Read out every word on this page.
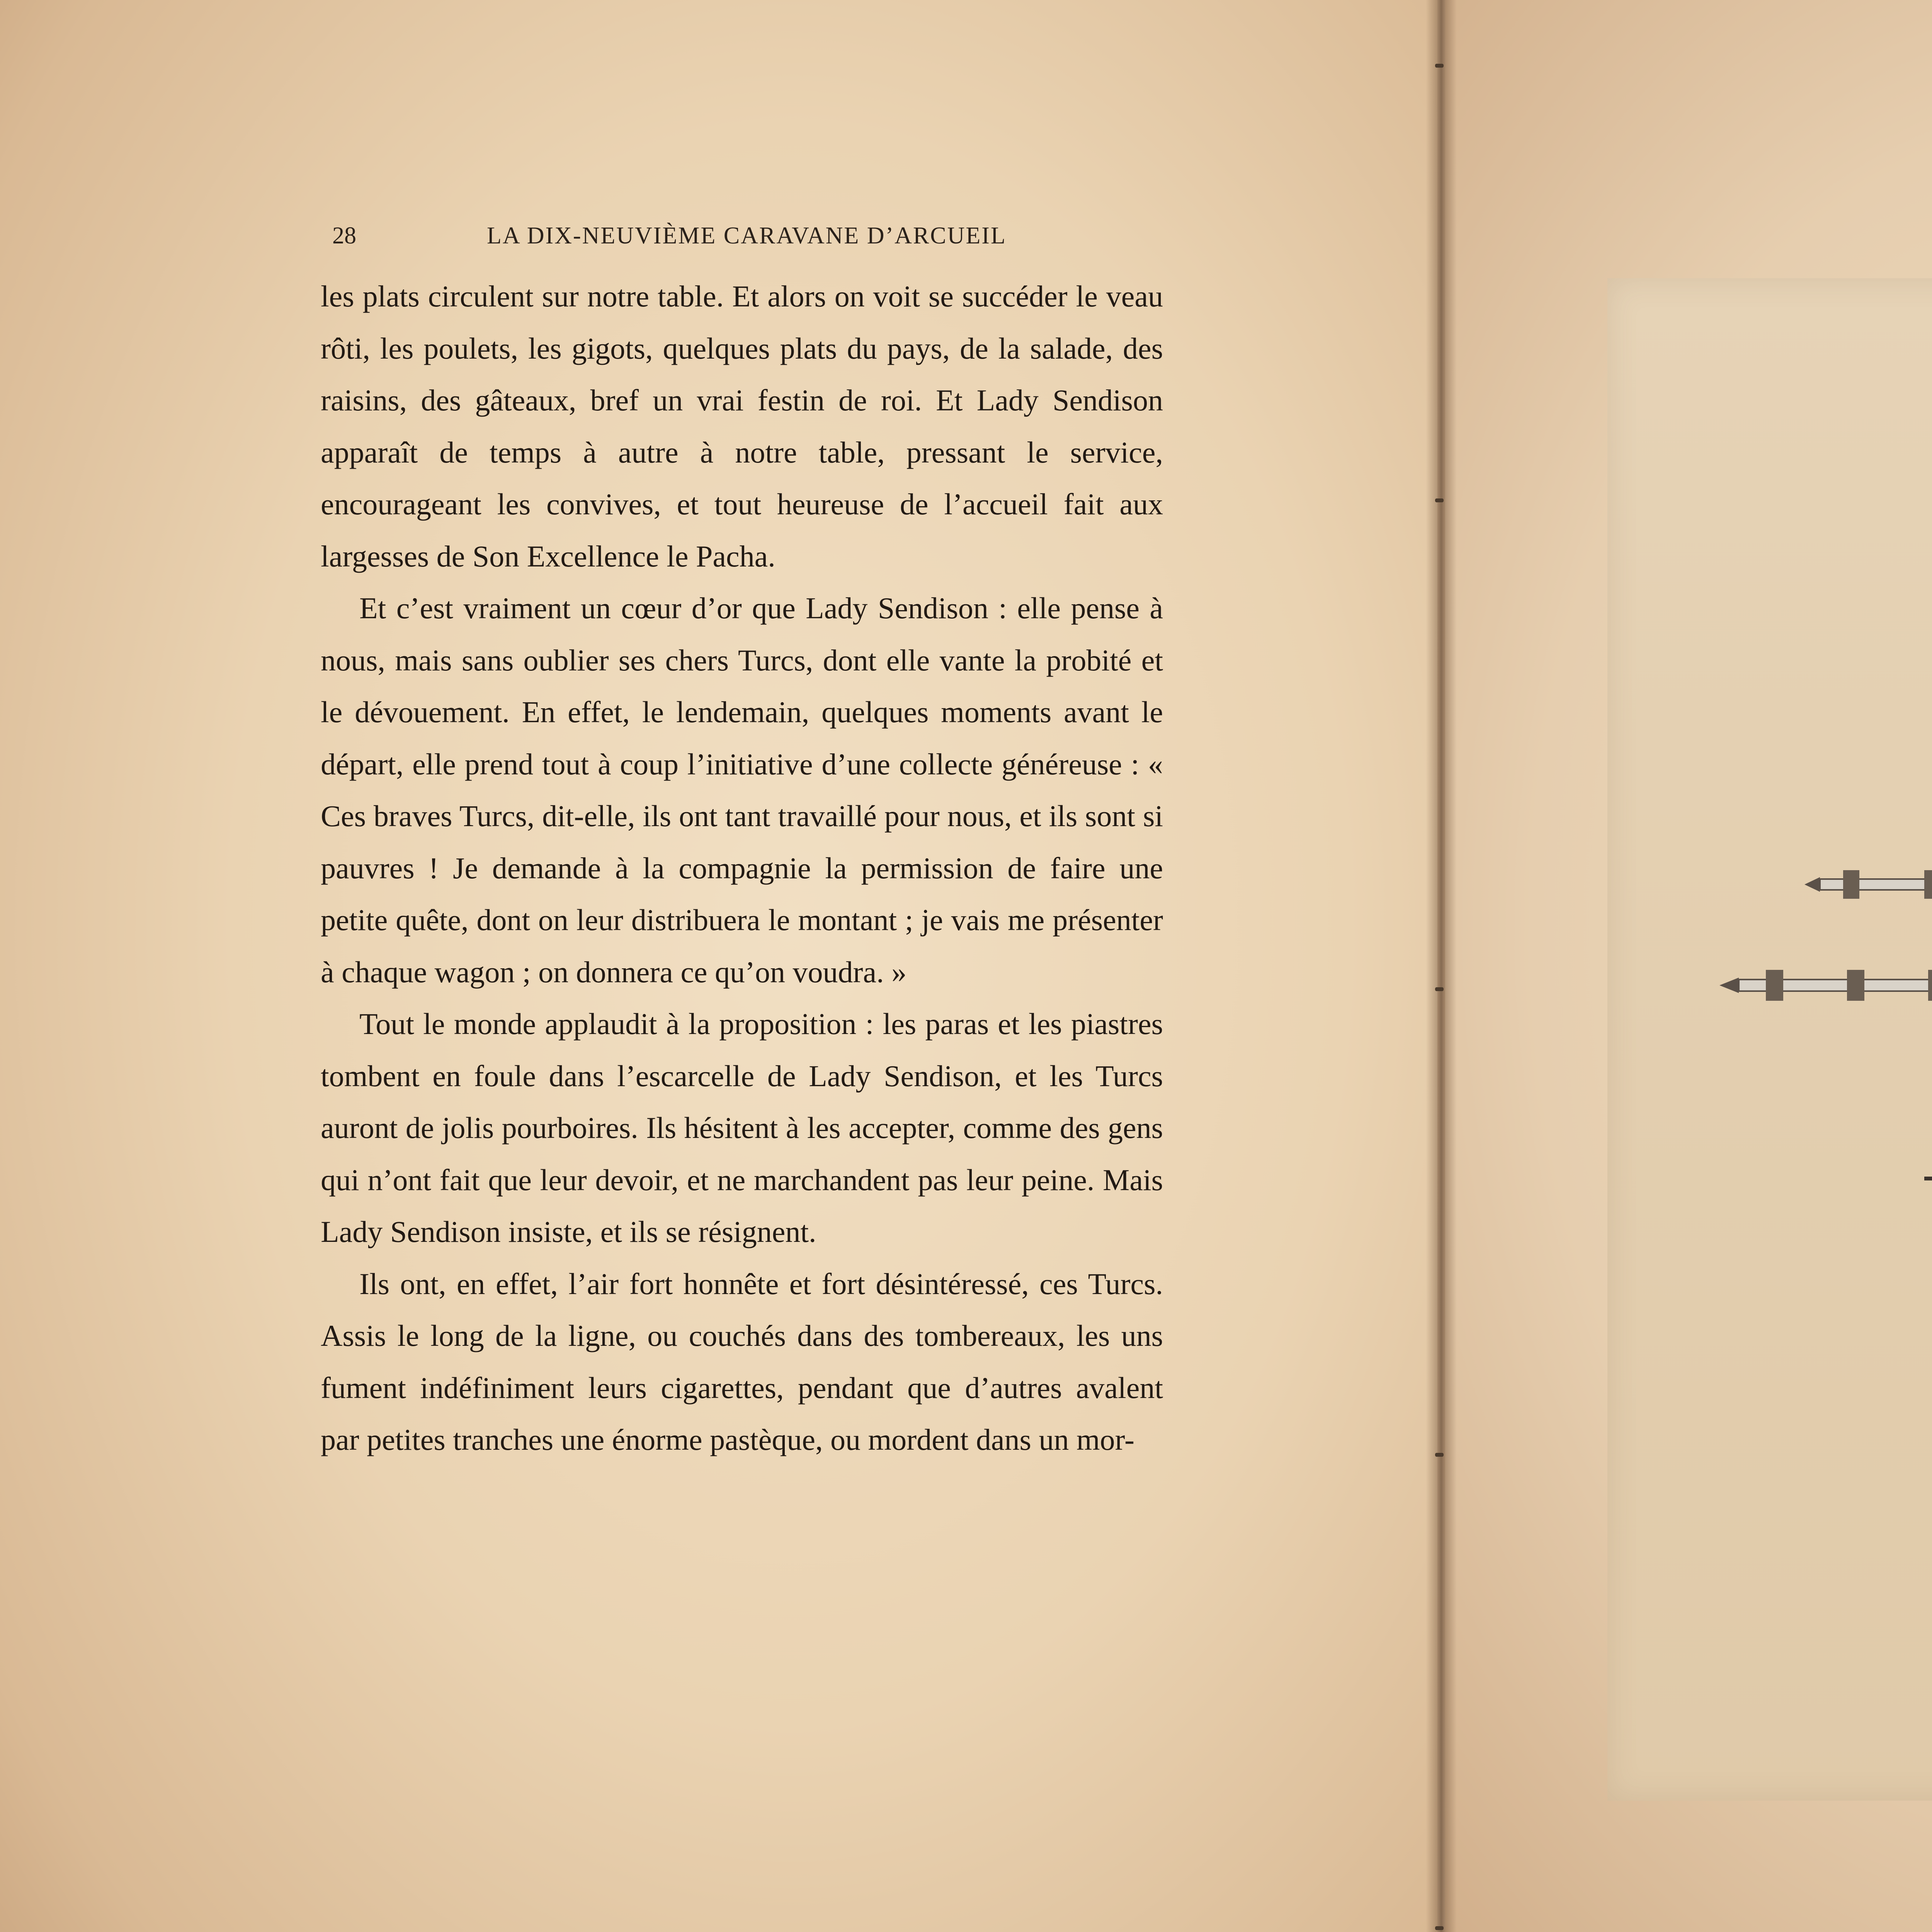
28	LA DIX-NEUVIÈME CARAVANE D’ARCUEIL

les plats circulent sur notre table. Et alors on voit se succéder le veau rôti, les poulets, les gigots, quelques plats du pays, de la salade, des raisins, des gâteaux, bref un vrai festin de roi. Et Lady Sendison apparaît de temps à autre à notre table, pressant le service, encourageant les convives, et tout heureuse de l’accueil fait aux largesses de Son Excellence le Pacha.

Et c’est vraiment un cœur d’or que Lady Sendison : elle pense à nous, mais sans oublier ses chers Turcs, dont elle vante la probité et le dévouement. En effet, le lendemain, quelques moments avant le départ, elle prend tout à coup l’initiative d’une collecte généreuse : « Ces braves Turcs, dit-elle, ils ont tant travaillé pour nous, et ils sont si pauvres ! Je demande à la compagnie la permission de faire une petite quête, dont on leur distribuera le montant ; je vais me présenter à chaque wagon ; on donnera ce qu’on voudra. »

Tout le monde applaudit à la proposition : les paras et les piastres tombent en foule dans l’escarcelle de Lady Sendison, et les Turcs auront de jolis pourboires. Ils hésitent à les accepter, comme des gens qui n’ont fait que leur devoir, et ne marchandent pas leur peine. Mais Lady Sendison insiste, et ils se résignent.

Ils ont, en effet, l’air fort honnête et fort désintéressé, ces Turcs. Assis le long de la ligne, ou couchés dans des tombereaux, les uns fument indéfiniment leurs cigarettes, pendant que d’autres avalent par petites tranches une énorme pastèque, ou mordent dans un mor-
